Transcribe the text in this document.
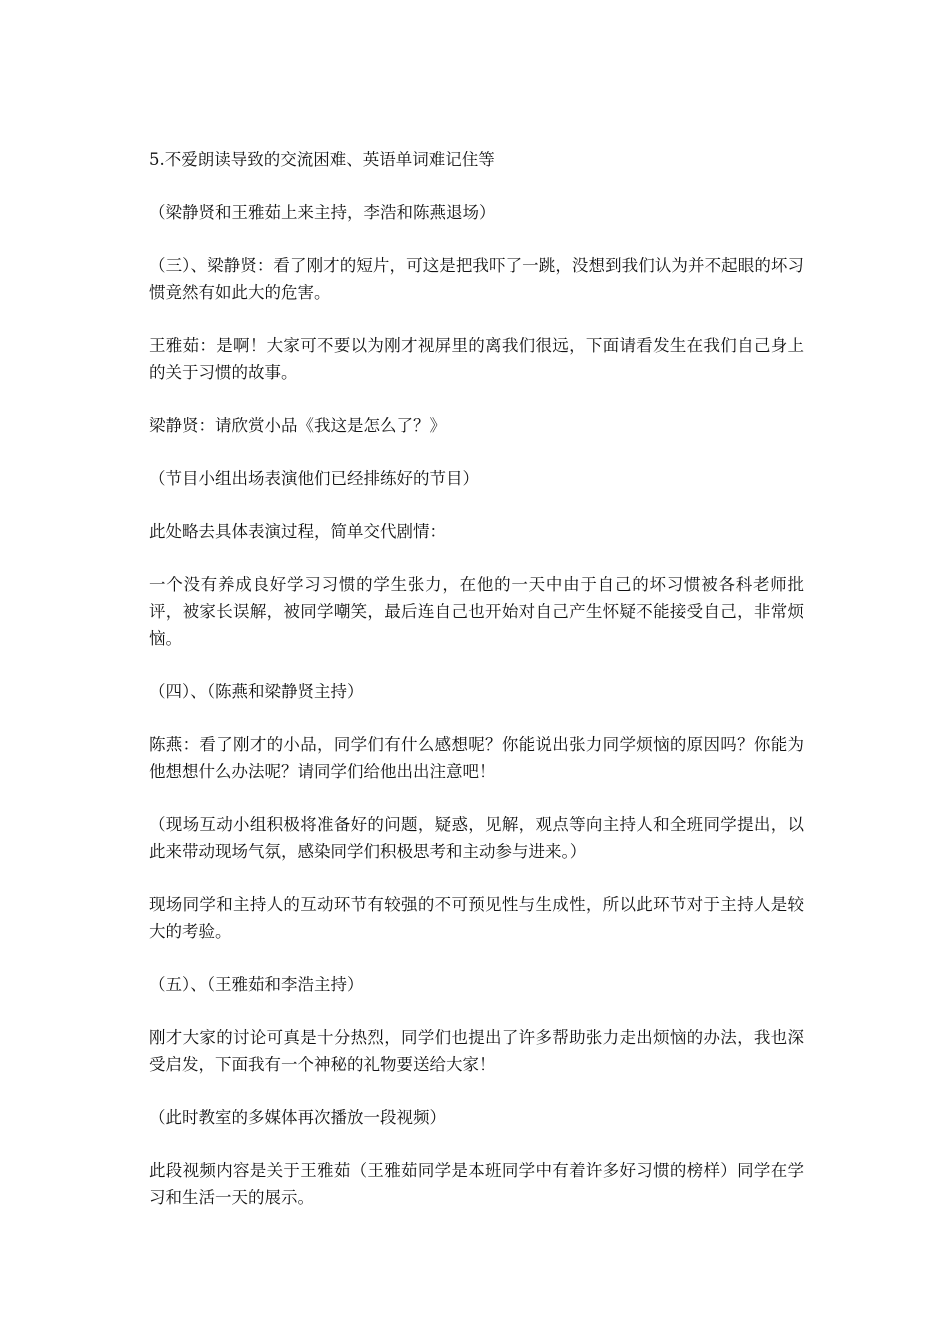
5.不爱朗读导致的交流困难、英语单词难记住等

（梁静贤和王雅茹上来主持，李浩和陈燕退场）

（三）、梁静贤：看了刚才的短片，可这是把我吓了一跳，没想到我们认为并不起眼的坏习惯竟然有如此大的危害。

王雅茹：是啊！大家可不要以为刚才视屏里的离我们很远，下面请看发生在我们自己身上的关于习惯的故事。

梁静贤：请欣赏小品《我这是怎么了？》

（节目小组出场表演他们已经排练好的节目）

此处略去具体表演过程，简单交代剧情：

一个没有养成良好学习习惯的学生张力，在他的一天中由于自己的坏习惯被各科老师批评，被家长误解，被同学嘲笑，最后连自己也开始对自己产生怀疑不能接受自己，非常烦恼。

（四）、（陈燕和梁静贤主持）

陈燕：看了刚才的小品，同学们有什么感想呢？你能说出张力同学烦恼的原因吗？你能为他想想什么办法呢？请同学们给他出出注意吧！

（现场互动小组积极将准备好的问题，疑惑，见解，观点等向主持人和全班同学提出，以此来带动现场气氛，感染同学们积极思考和主动参与进来。）

现场同学和主持人的互动环节有较强的不可预见性与生成性，所以此环节对于主持人是较大的考验。

（五）、（王雅茹和李浩主持）

刚才大家的讨论可真是十分热烈，同学们也提出了许多帮助张力走出烦恼的办法，我也深受启发，下面我有一个神秘的礼物要送给大家！

（此时教室的多媒体再次播放一段视频）

此段视频内容是关于王雅茹（王雅茹同学是本班同学中有着许多好习惯的榜样）同学在学习和生活一天的展示。
